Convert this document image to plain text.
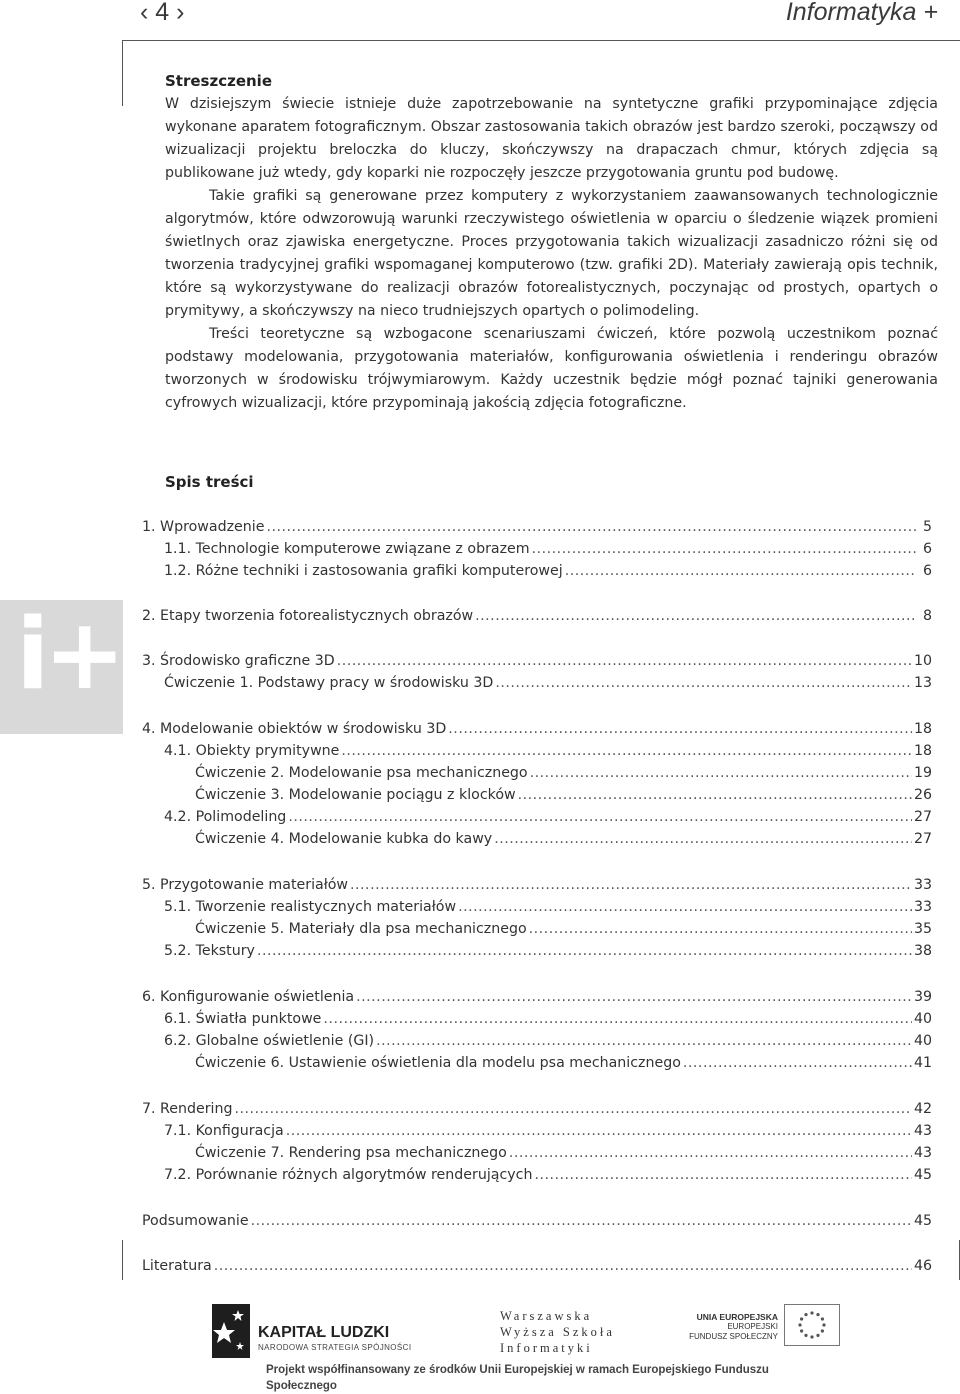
‹ 4 ›	Informatyka +
i+
Streszczenie

W dzisiejszym świecie istnieje duże zapotrzebowanie na syntetyczne grafiki przypominające zdjęcia wykonane aparatem fotograficznym. Obszar zastosowania takich obrazów jest bardzo szeroki, począwszy od wizualizacji projektu breloczka do kluczy, skończywszy na drapaczach chmur, których zdjęcia są publikowane już wtedy, gdy koparki nie rozpoczęły jeszcze przygotowania gruntu pod budowę.

Takie grafiki są generowane przez komputery z wykorzystaniem zaawansowanych technologicznie algorytmów, które odwzorowują warunki rzeczywistego oświetlenia w oparciu o śledzenie wiązek promieni świetlnych oraz zjawiska energetyczne. Proces przygotowania takich wizualizacji zasadniczo różni się od tworzenia tradycyjnej grafiki wspomaganej komputerowo (tzw. grafiki 2D). Materiały zawierają opis technik, które są wykorzystywane do realizacji obrazów fotorealistycznych, poczynając od prostych, opartych o prymitywy, a skończywszy na nieco trudniejszych opartych o polimodeling.

Treści teoretyczne są wzbogacone scenariuszami ćwiczeń, które pozwolą uczestnikom poznać podstawy modelowania, przygotowania materiałów, konfigurowania oświetlenia i renderingu obrazów tworzonych w środowisku trójwymiarowym. Każdy uczestnik będzie mógł poznać tajniki generowania cyfrowych wizualizacji, które przypominają jakością zdjęcia fotograficzne.

Spis treści
1. Wprowadzenie .....	5
1.1. Technologie komputerowe związane z obrazem .....	6
1.2. Różne techniki i zastosowania grafiki komputerowej .....	6
2. Etapy tworzenia fotorealistycznych obrazów .....	8
3. Środowisko graficzne 3D .....	10
Ćwiczenie 1. Podstawy pracy w środowisku 3D .....	13
4. Modelowanie obiektów w środowisku 3D .....	18
4.1. Obiekty prymitywne .....	18
Ćwiczenie 2. Modelowanie psa mechanicznego .....	19
Ćwiczenie 3. Modelowanie pociągu z klocków .....	26
4.2. Polimodeling .....	27
Ćwiczenie 4. Modelowanie kubka do kawy .....	27
5. Przygotowanie materiałów .....	33
5.1. Tworzenie realistycznych materiałów .....	33
Ćwiczenie 5. Materiały dla psa mechanicznego .....	35
5.2. Tekstury .....	38
6. Konfigurowanie oświetlenia .....	39
6.1. Światła punktowe .....	40
6.2. Globalne oświetlenie (GI) .....	40
Ćwiczenie 6. Ustawienie oświetlenia dla modelu psa mechanicznego .....	41
7. Rendering .....	42
7.1. Konfiguracja .....	43
Ćwiczenie 7. Rendering psa mechanicznego .....	43
7.2. Porównanie różnych algorytmów renderujących .....	45
Podsumowanie .....	45
Literatura .....	46
KAPITAŁ LUDZKI
NARODOWA STRATEGIA SPÓJNOŚCI
Warszawska
Wyższa Szkoła
Informatyki
UNIA EUROPEJSKA
EUROPEJSKI
FUNDUSZ SPOŁECZNY
Projekt współfinansowany ze środków Unii Europejskiej w ramach Europejskiego Funduszu Społecznego
